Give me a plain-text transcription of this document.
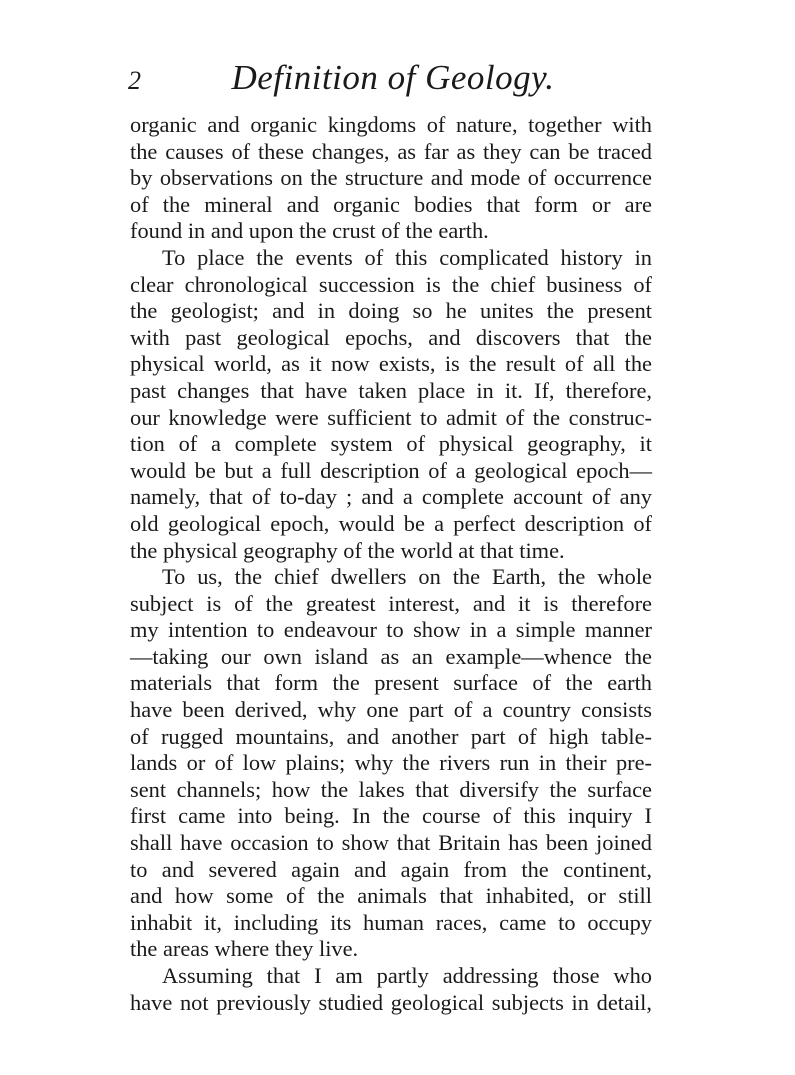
2	Definition of Geology.
organic and organic kingdoms of nature, together with
the causes of these changes, as far as they can be traced
by observations on the structure and mode of occurrence
of the mineral and organic bodies that form or are
found in and upon the crust of the earth.
To place the events of this complicated history in
clear chronological succession is the chief business of
the geologist; and in doing so he unites the present
with past geological epochs, and discovers that the
physical world, as it now exists, is the result of all the
past changes that have taken place in it. If, therefore,
our knowledge were sufficient to admit of the construc-
tion of a complete system of physical geography, it
would be but a full description of a geological epoch—
namely, that of to-day ; and a complete account of any
old geological epoch, would be a perfect description of
the physical geography of the world at that time.
To us, the chief dwellers on the Earth, the whole
subject is of the greatest interest, and it is therefore
my intention to endeavour to show in a simple manner
—taking our own island as an example—whence the
materials that form the present surface of the earth
have been derived, why one part of a country consists
of rugged mountains, and another part of high table-
lands or of low plains; why the rivers run in their pre-
sent channels; how the lakes that diversify the surface
first came into being. In the course of this inquiry I
shall have occasion to show that Britain has been joined
to and severed again and again from the continent,
and how some of the animals that inhabited, or still
inhabit it, including its human races, came to occupy
the areas where they live.
Assuming that I am partly addressing those who
have not previously studied geological subjects in detail,
